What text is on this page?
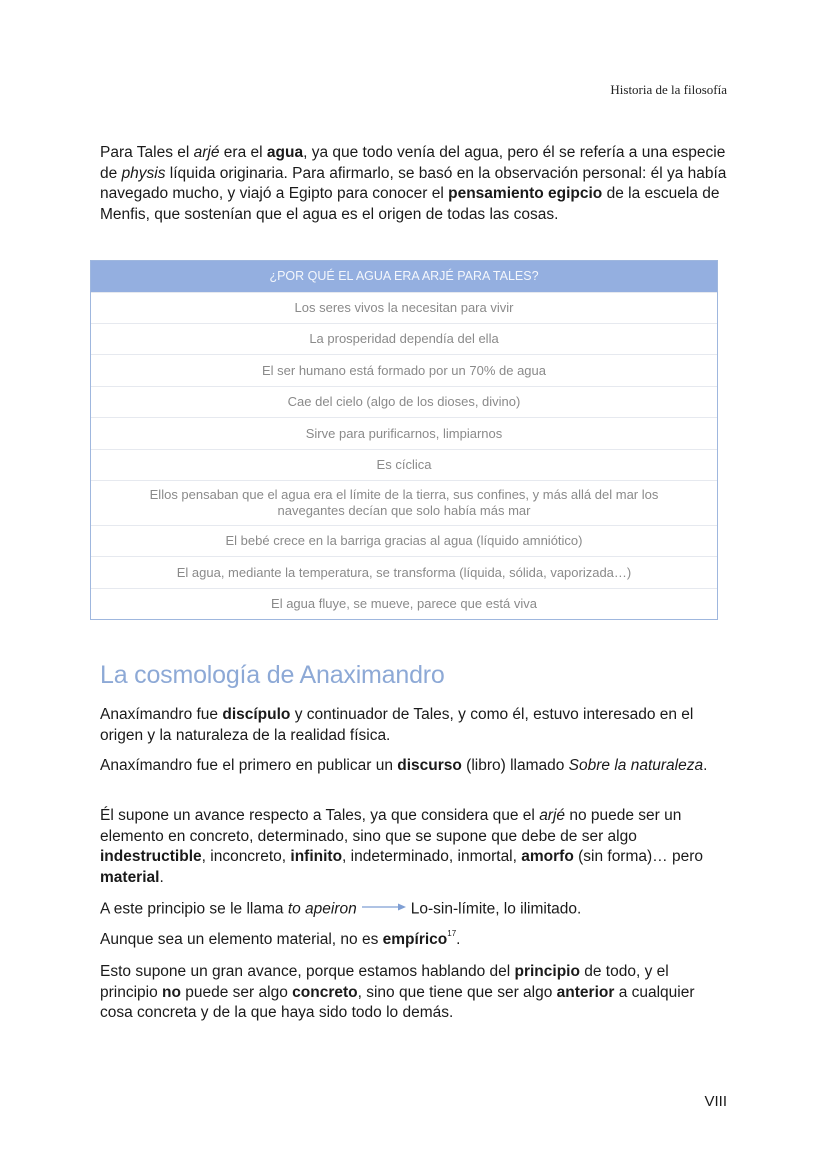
Historia de la filosofía

Para Tales el arjé era el agua, ya que todo venía del agua, pero él se refería a una especie de physis líquida originaria. Para afirmarlo, se basó en la observación personal: él ya había navegado mucho, y viajó a Egipto para conocer el pensamiento egipcio de la escuela de Menfis, que sostenían que el agua es el origen de todas las cosas.

¿POR QUÉ EL AGUA ERA ARJÉ PARA TALES?
Los seres vivos la necesitan para vivir
La prosperidad dependía del ella
El ser humano está formado por un 70% de agua
Cae del cielo (algo de los dioses, divino)
Sirve para purificarnos, limpiarnos
Es cíclica
Ellos pensaban que el agua era el límite de la tierra, sus confines, y más allá del mar los navegantes decían que solo había más mar
El bebé crece en la barriga gracias al agua (líquido amniótico)
El agua, mediante la temperatura, se transforma (líquida, sólida, vaporizada…)
El agua fluye, se mueve, parece que está viva
La cosmología de Anaximandro

Anaxímandro fue discípulo y continuador de Tales, y como él, estuvo interesado en el origen y la naturaleza de la realidad física.

Anaxímandro fue el primero en publicar un discurso (libro) llamado Sobre la naturaleza.

Él supone un avance respecto a Tales, ya que considera que el arjé no puede ser un elemento en concreto, determinado, sino que se supone que debe de ser algo indestructible, inconcreto, infinito, indeterminado, inmortal, amorfo (sin forma)… pero material.

A este principio se le llama to apeiron	Lo-sin-límite, lo ilimitado.

Aunque sea un elemento material, no es empírico$^{17}$.

Esto supone un gran avance, porque estamos hablando del principio de todo, y el principio no puede ser algo concreto, sino que tiene que ser algo anterior a cualquier cosa concreta y de la que haya sido todo lo demás.

VIII
